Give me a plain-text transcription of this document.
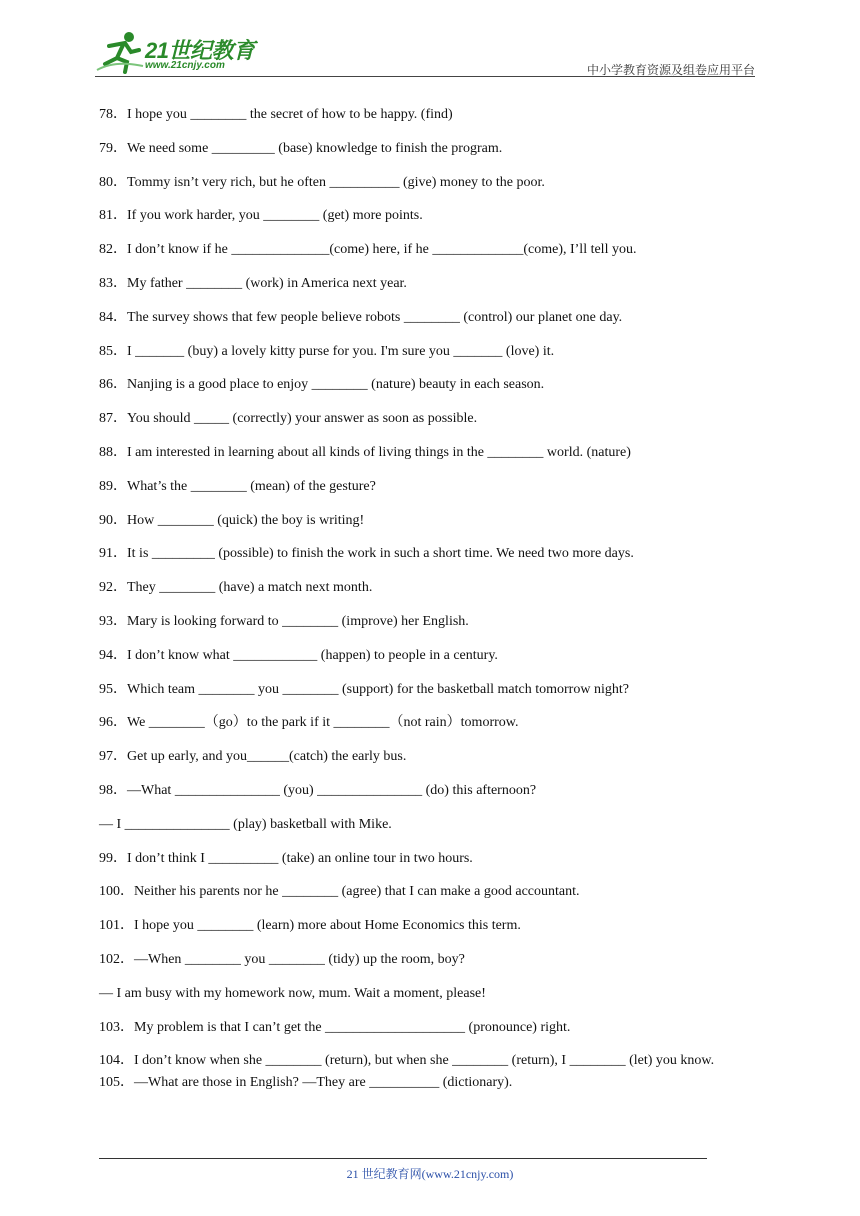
21世纪教育
www.21cnjy.com	中小学教育资源及组卷应用平台
78．I hope you ________ the secret of how to be happy. (find)
79．We need some _________ (base) knowledge to finish the program.
80．Tommy isn’t very rich, but he often __________ (give) money to the poor.
81．If you work harder, you ________ (get) more points.
82．I don’t know if he ______________(come) here, if he _____________(come), I’ll tell you.
83．My father ________ (work) in America next year.
84．The survey shows that few people believe robots ________ (control) our planet one day.
85．I _______ (buy) a lovely kitty purse for you. I'm sure you _______ (love) it.
86．Nanjing is a good place to enjoy ________ (nature) beauty in each season.
87．You should _____ (correctly) your answer as soon as possible.
88．I am interested in learning about all kinds of living things in the ________ world. (nature)
89．What’s the ________ (mean) of the gesture?
90．How ________ (quick) the boy is writing!
91．It is _________ (possible) to finish the work in such a short time. We need two more days.
92．They ________ (have) a match next month.
93．Mary is looking forward to ________ (improve) her English.
94．I don’t know what ____________ (happen) to people in a century.
95．Which team ________ you ________ (support) for the basketball match tomorrow night?
96．We ________（go）to the park if it ________（not rain）tomorrow.
97．Get up early, and you______(catch) the early bus.
98．—What _______________ (you) _______________ (do) this afternoon?
— I _______________ (play) basketball with Mike.
99．I don’t think I __________ (take) an online tour in two hours.
100．Neither his parents nor he ________ (agree) that I can make a good accountant.
101．I hope you ________ (learn) more about Home Economics this term.
102．—When ________ you ________ (tidy) up the room, boy?
— I am busy with my homework now, mum. Wait a moment, please!
103．My problem is that I can’t get the ____________________ (pronounce) right.
104．I don’t know when she ________ (return), but when she ________ (return), I ________ (let) you know.
105．—What are those in English? —They are __________ (dictionary).
21 世纪教育网(www.21cnjy.com)
